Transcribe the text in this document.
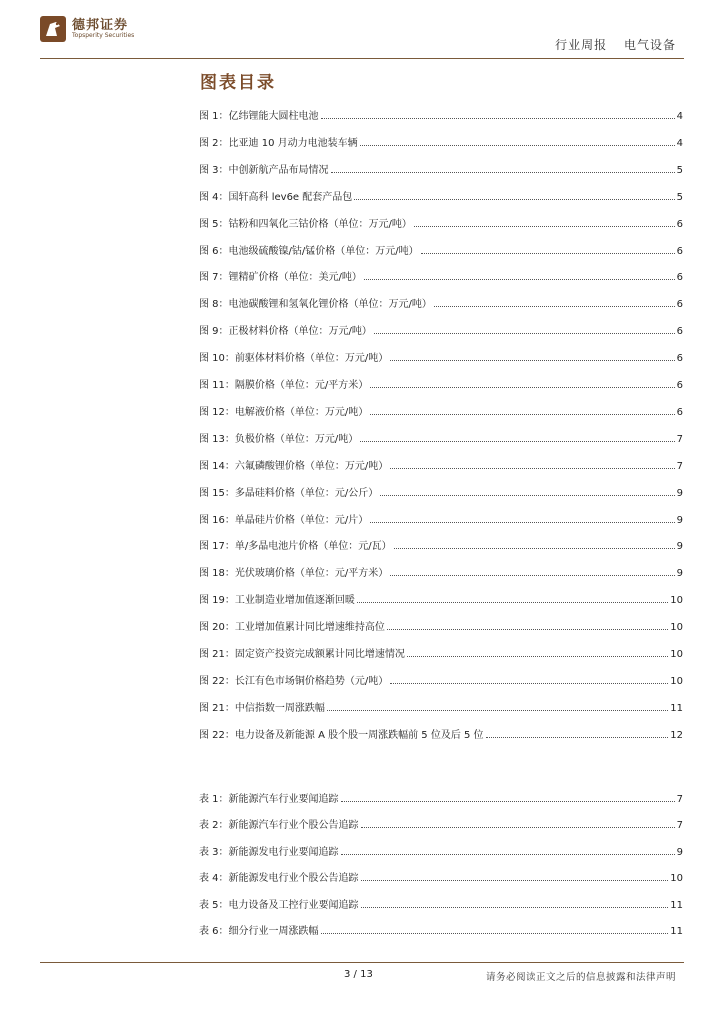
德邦证券
Topsperity Securities
行业周报 电气设备
图表目录
图 1：亿纬锂能大圆柱电池	4
图 2：比亚迪 10 月动力电池装车辆	4
图 3：中创新航产品布局情况	5
图 4：国轩高科 lev6e 配套产品包	5
图 5：钴粉和四氧化三钴价格（单位：万元/吨）	6
图 6：电池级硫酸镍/钴/锰价格（单位：万元/吨）	6
图 7：锂精矿价格（单位：美元/吨）	6
图 8：电池碳酸锂和氢氧化锂价格（单位：万元/吨）	6
图 9：正极材料价格（单位：万元/吨）	6
图 10：前驱体材料价格（单位：万元/吨）	6
图 11：隔膜价格（单位：元/平方米）	6
图 12：电解液价格（单位：万元/吨）	6
图 13：负极价格（单位：万元/吨）	7
图 14：六氟磷酸锂价格（单位：万元/吨）	7
图 15：多晶硅料价格（单位：元/公斤）	9
图 16：单晶硅片价格（单位：元/片）	9
图 17：单/多晶电池片价格（单位：元/瓦）	9
图 18：光伏玻璃价格（单位：元/平方米）	9
图 19：工业制造业增加值逐渐回暖	10
图 20：工业增加值累计同比增速维持高位	10
图 21：固定资产投资完成额累计同比增速情况	10
图 22：长江有色市场铜价格趋势（元/吨）	10
图 21：中信指数一周涨跌幅	11
图 22：电力设备及新能源 A 股个股一周涨跌幅前 5 位及后 5 位	12
表 1：新能源汽车行业要闻追踪	7
表 2：新能源汽车行业个股公告追踪	7
表 3：新能源发电行业要闻追踪	9
表 4：新能源发电行业个股公告追踪	10
表 5：电力设备及工控行业要闻追踪	11
表 6：细分行业一周涨跌幅	11
3 / 13	请务必阅读正文之后的信息披露和法律声明
